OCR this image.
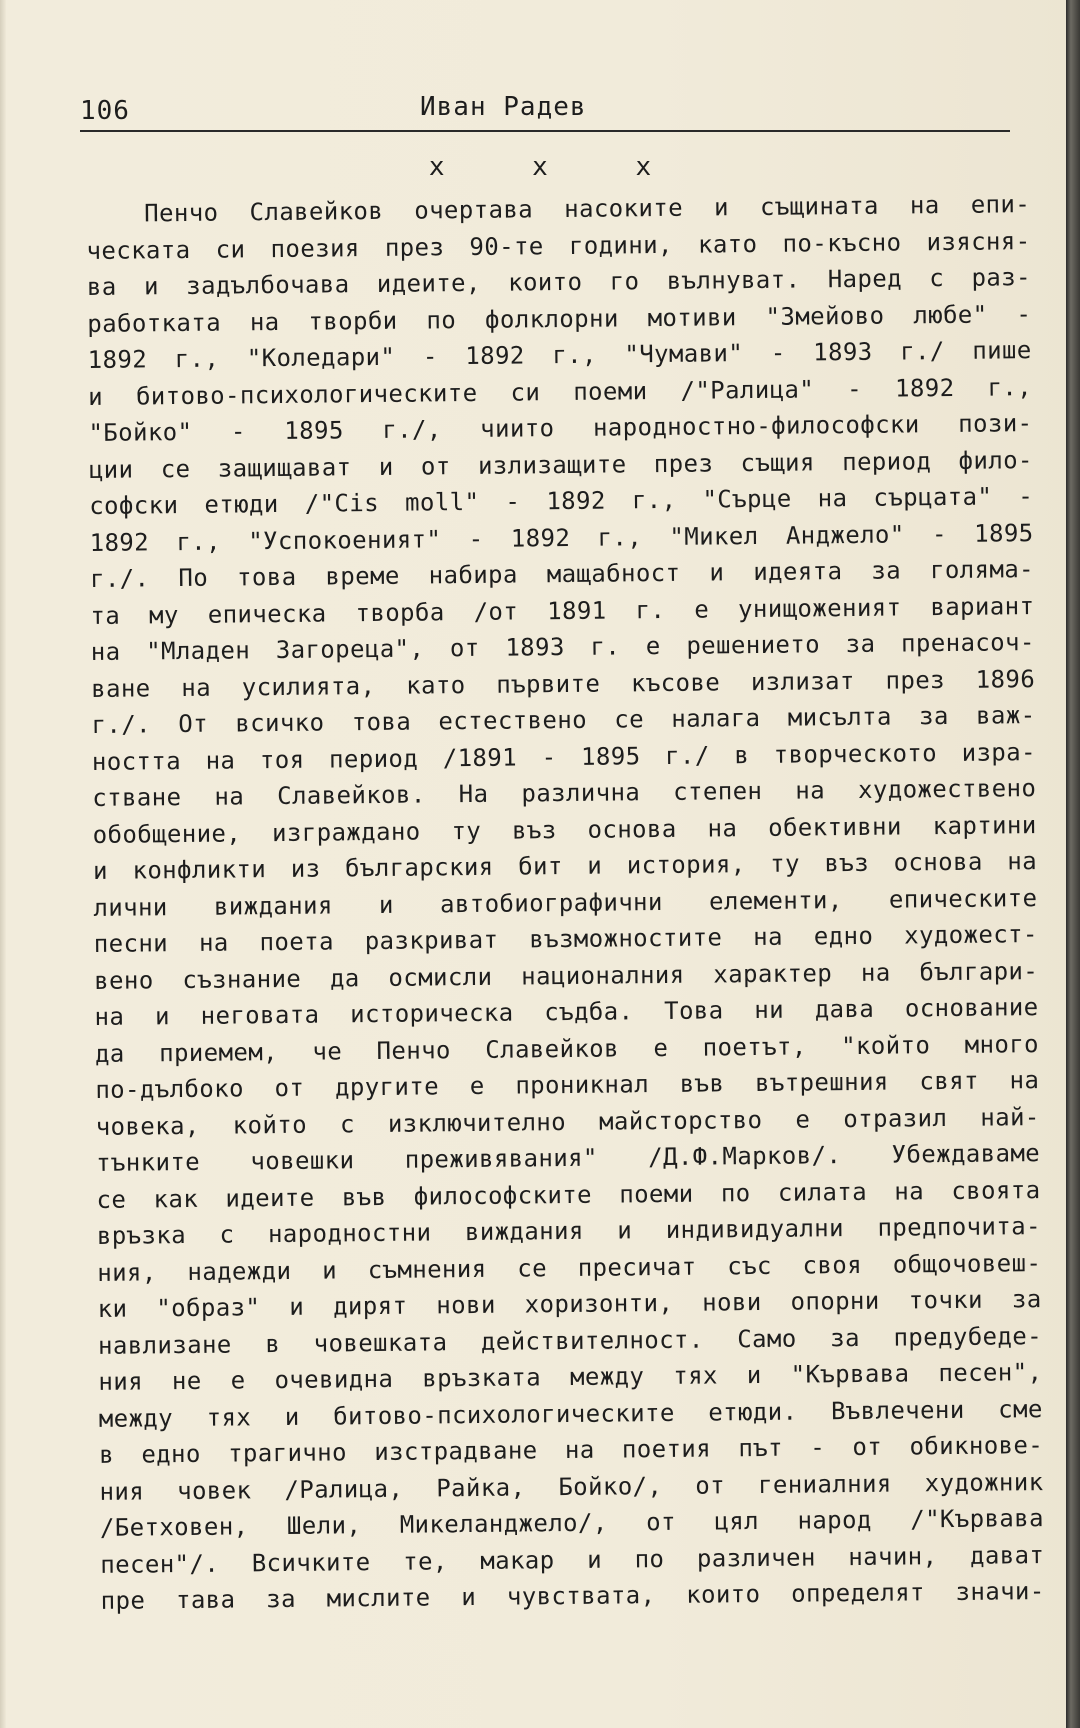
106	Иван Радев
x x x
Пенчо Славейков очертава насоките и същината на епи-
ческата си поезия през 90-те години, като по-късно изясня-
ва и задълбочава идеите, които го вълнуват. Наред с раз-
работката на творби по фолклорни мотиви "Змейово любе" -
1892 г., "Коледари" - 1892 г., "Чумави" - 1893 г./ пише
и битово-психологическите си поеми /"Ралица" - 1892 г.,
"Бойко" - 1895 г./, чиито народностно-философски пози-
ции се защищават и от излизащите през същия период фило-
софски етюди /"Cis moll" - 1892 г., "Сърце на сърцата" -
1892 г., "Успокоеният" - 1892 г., "Микел Анджело" - 1895
г./. По това време набира мащабност и идеята за голяма-
та му епическа творба /от 1891 г. е унищоженият вариант
на "Младен Загореца", от 1893 г. е решението за пренасоч-
ване на усилията, като първите късове излизат през 1896
г./. От всичко това естествено се налага мисълта за важ-
ността на тоя период /1891 - 1895 г./ в творческото изра-
стване на Славейков. На различна степен на художествено
обобщение, изграждано ту въз основа на обективни картини
и конфликти из българския бит и история, ту въз основа на
лични виждания и автобиографични елементи, епическите
песни на поета разкриват възможностите на едно художест-
вено съзнание да осмисли националния характер на българи-
на и неговата историческа съдба. Това ни дава основание
да приемем, че Пенчо Славейков е поетът, "който много
по-дълбоко от другите е проникнал във вътрешния свят на
човека, който с изключително майсторство е отразил най-
тънките човешки преживявания" /Д.Ф.Марков/. Убеждаваме
се как идеите във философските поеми по силата на своята
връзка с народностни виждания и индивидуални предпочита-
ния, надежди и съмнения се пресичат със своя общочовеш-
ки "образ" и дирят нови хоризонти, нови опорни точки за
навлизане в човешката действителност. Само за предубеде-
ния не е очевидна връзката между тях и "Кървава песен",
между тях и битово-психологическите етюди. Въвлечени сме
в едно трагично изстрадване на поетия път - от обикнове-
ния човек /Ралица, Райка, Бойко/, от гениалния художник
/Бетховен, Шели, Микеланджело/, от цял народ /"Кървава
песен"/. Всичките те, макар и по различен начин, дават
пре тава за мислите и чувствата, които определят значи-
